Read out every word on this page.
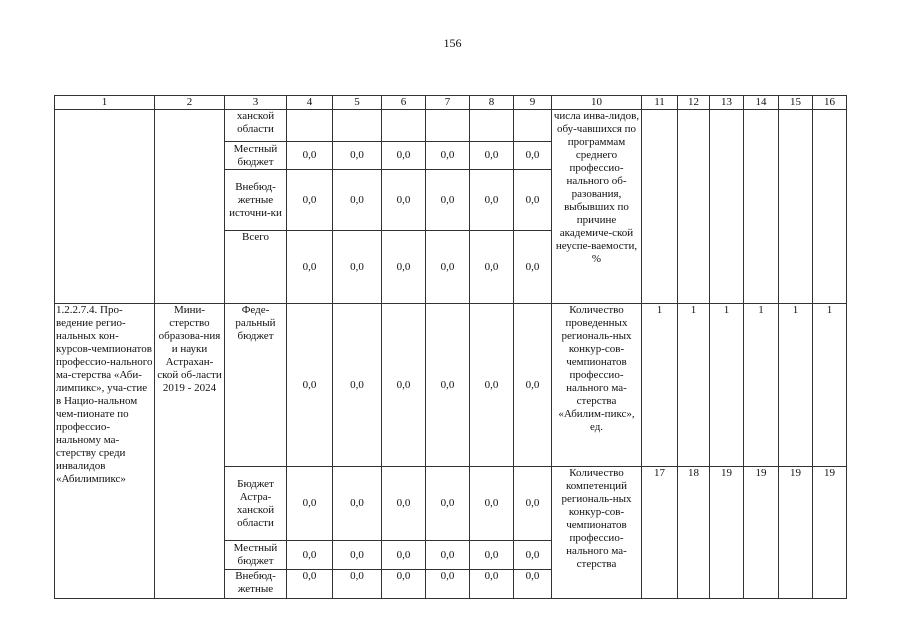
156
1	2	3	4	5	6	7	8	9	10	11	12	13	14	15	16
		ханской области							числа инва-лидов, обу-чавшихся по программам среднего профессио-нального об-разования, выбывших по причине академиче-ской неуспе-ваемости, %						
		Местный бюджет	0,0	0,0	0,0	0,0	0,0	0,0							
		Внебюд-жетные источни-ки	0,0	0,0	0,0	0,0	0,0	0,0							
		Всего	0,0	0,0	0,0	0,0	0,0	0,0							
1.2.2.7.4. Про-ведение регио-нальных кон-курсов-чемпионатов профессио-нального ма-стерства «Аби-лимпикс», уча-стие в Нацио-нальном чем-пионате по профессио-нальному ма-стерству среди инвалидов «Абилимпикс»	Мини-стерство образова-ния и науки Астрахан-ской об-ласти 2019 - 2024	Феде-ральный бюджет	0,0	0,0	0,0	0,0	0,0	0,0	Количество проведенных региональ-ных конкур-сов-чемпионатов профессио-нального ма-стерства «Абилим-пикс», ед.	1	1	1	1	1	1
		Бюджет Астра-ханской области	0,0	0,0	0,0	0,0	0,0	0,0	Количество компетенций региональ-ных конкур-сов-чемпионатов профессио-нального ма-стерства	17	18	19	19	19	19
		Местный бюджет	0,0	0,0	0,0	0,0	0,0	0,0							
		Внебюд-жетные	0,0	0,0	0,0	0,0	0,0	0,0							
